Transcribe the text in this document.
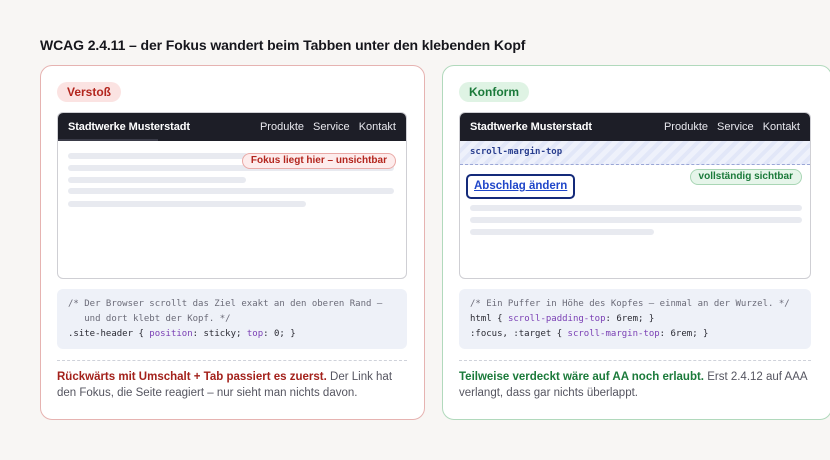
WCAG 2.4.11 – der Fokus wandert beim Tabben unter den klebenden Kopf
Verstoß
Stadtwerke Musterstadt	Produkte Service Kontakt
Fokus liegt hier – unsichtbar
/* Der Browser scrollt das Ziel exakt an den oberen Rand –
und dort klebt der Kopf. */
.site-header { position: sticky; top: 0; }

Rückwärts mit Umschalt + Tab passiert es zuerst. Der Link hat den Fokus, die Seite reagiert – nur sieht man nichts davon.

Konform
Stadtwerke Musterstadt	Produkte Service Kontakt
scroll-margin-top
Abschlag ändern
vollständig sichtbar
/* Ein Puffer in Höhe des Kopfes – einmal an der Wurzel. */
html { scroll-padding-top: 6rem; }
:focus, :target { scroll-margin-top: 6rem; }

Teilweise verdeckt wäre auf AA noch erlaubt. Erst 2.4.12 auf AAA verlangt, dass gar nichts überlappt.
